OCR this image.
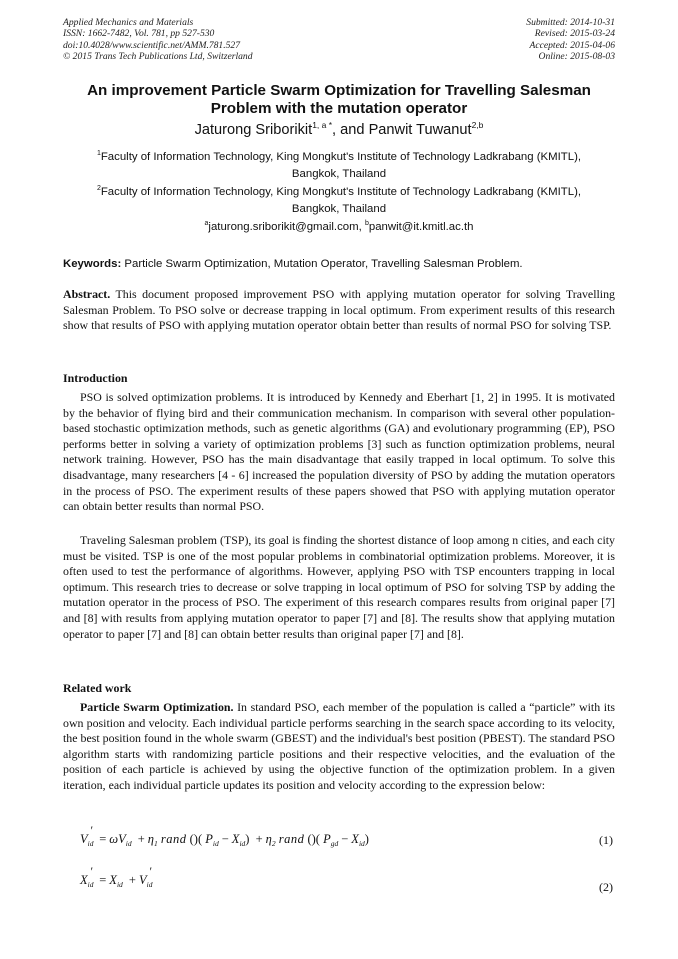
Applied Mechanics and Materials
ISSN: 1662-7482, Vol. 781, pp 527-530
doi:10.4028/www.scientific.net/AMM.781.527
© 2015 Trans Tech Publications Ltd, Switzerland
Submitted: 2014-10-31
Revised: 2015-03-24
Accepted: 2015-04-06
Online: 2015-08-03
An improvement Particle Swarm Optimization for Travelling Salesman
Problem with the mutation operator
Jaturong Sriborikit$^{1, a *}$, and Panwit Tuwanut$^{2,b}$
$^1$Faculty of Information Technology, King Mongkut's Institute of Technology Ladkrabang (KMITL),
Bangkok, Thailand
$^2$Faculty of Information Technology, King Mongkut's Institute of Technology Ladkrabang (KMITL),
Bangkok, Thailand
$^a$jaturong.sriborikit@gmail.com, $^b$panwit@it.kmitl.ac.th
Keywords: Particle Swarm Optimization, Mutation Operator, Travelling Salesman Problem.

Abstract. This document proposed improvement PSO with applying mutation operator for solving Travelling Salesman Problem. To PSO solve or decrease trapping in local optimum. From experiment results of this research show that results of PSO with applying mutation operator obtain better than results of normal PSO for solving TSP.

Introduction

PSO is solved optimization problems. It is introduced by Kennedy and Eberhart [1, 2] in 1995. It is motivated by the behavior of flying bird and their communication mechanism. In comparison with several other population-based stochastic optimization methods, such as genetic algorithms (GA) and evolutionary programming (EP), PSO performs better in solving a variety of optimization problems [3] such as function optimization problems, neural network training. However, PSO has the main disadvantage that easily trapped in local optimum. To solve this disadvantage, many researchers [4 - 6] increased the population diversity of PSO by adding the mutation operators in the process of PSO. The experiment results of these papers showed that PSO with applying mutation operator can obtain better results than normal PSO.

Traveling Salesman problem (TSP), its goal is finding the shortest distance of loop among n cities, and each city must be visited. TSP is one of the most popular problems in combinatorial optimization problems. Moreover, it is often used to test the performance of algorithms. However, applying PSO with TSP encounters trapping in local optimum. This research tries to decrease or solve trapping in local optimum of PSO for solving TSP by adding the mutation operator in the process of PSO. The experiment of this research compares results from original paper [7] and [8] with results from applying mutation operator to paper [7] and [8]. The results show that applying mutation operator to paper [7] and [8] can obtain better results than original paper [7] and [8].

Related work

Particle Swarm Optimization. In standard PSO, each member of the population is called a “particle” with its own position and velocity. Each individual particle performs searching in the search space according to its velocity, the best position found in the whole swarm (GBEST) and the individual's best position (PBEST). The standard PSO algorithm starts with randomizing particle positions and their respective velocities, and the evaluation of the position of each particle is achieved by using the objective function of the optimization problem. In a given iteration, each individual particle updates its position and velocity according to the expression below:

$V_{id}' = \omega V_{id} + \eta_1$ rand ()( $P_{id} - X_{id}) + \eta_2$ rand ()( $P_{gd} - X_{id}$)	(1)
$X_{id}' = X_{id} + V_{id}'$
(2)
